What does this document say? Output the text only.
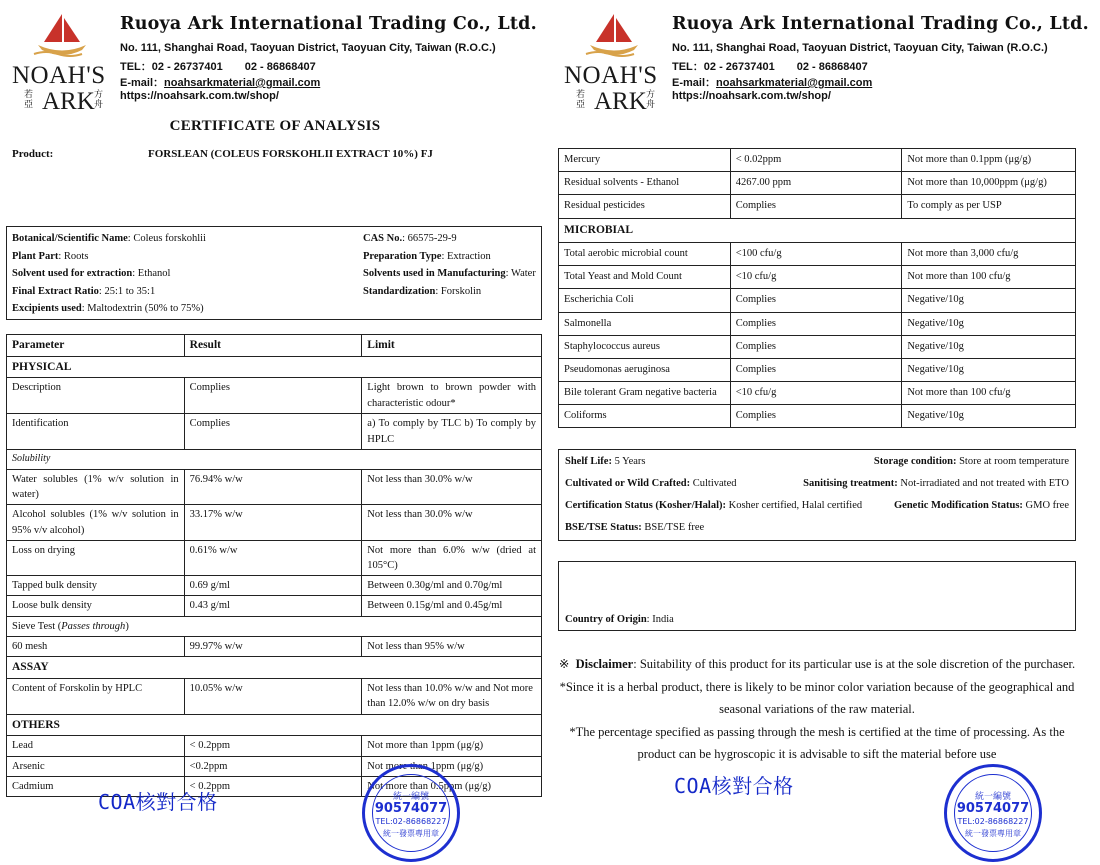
NOAH'S
若亞 ARK 方舟
Ruoya Ark International Trading Co., Ltd.
No. 111, Shanghai Road, Taoyuan District, Taoyuan City, Taiwan (R.O.C.)
TEL：02 - 26737401 02 - 86868407
E-mail：noahsarkmaterial@gmail.com
https://noahsark.com.tw/shop/
CERTIFICATE OF ANALYSIS
Product:	FORSLEAN (COLEUS FORSKOHLII EXTRACT 10%) FJ
Botanical/Scientific Name: Coleus forskohlii	CAS No.: 66575-29-9
Plant Part: Roots	Preparation Type: Extraction
Solvent used for extraction: Ethanol	Solvents used in Manufacturing: Water
Final Extract Ratio: 25:1 to 35:1	Standardization: Forskolin
Excipients used: Maltodextrin (50% to 75%)
Parameter	Result	Limit
PHYSICAL		
Description	Complies	Light brown to brown powder with characteristic odour*
Identification	Complies	a) To comply by TLC b) To comply by HPLC
Solubility		
Water solubles (1% w/v solution in water)	76.94% w/w	Not less than 30.0% w/w
Alcohol solubles (1% w/v solution in 95% v/v alcohol)	33.17% w/w	Not less than 30.0% w/w
Loss on drying	0.61% w/w	Not more than 6.0% w/w (dried at 105°C)
Tapped bulk density	0.69 g/ml	Between 0.30g/ml and 0.70g/ml
Loose bulk density	0.43 g/ml	Between 0.15g/ml and 0.45g/ml
Sieve Test (Passes through)		
60 mesh	99.97% w/w	Not less than 95% w/w
ASSAY		
Content of Forskolin by HPLC	10.05% w/w	Not less than 10.0% w/w and Not more than 12.0% w/w on dry basis
OTHERS		
Lead	< 0.2ppm	Not more than 1ppm (μg/g)
Arsenic	<0.2ppm	Not more than 1ppm (μg/g)
Cadmium	< 0.2ppm	Not more than 0.5ppm (μg/g)
COA核對合格	統一編號
90574077
TEL:02-86868227
統一發票專用章
NOAH'S
若亞 ARK 方舟
Ruoya Ark International Trading Co., Ltd.
No. 111, Shanghai Road, Taoyuan District, Taoyuan City, Taiwan (R.O.C.)
TEL：02 - 26737401 02 - 86868407
E-mail：noahsarkmaterial@gmail.com
https://noahsark.com.tw/shop/
Mercury	< 0.02ppm	Not more than 0.1ppm (μg/g)
Residual solvents - Ethanol	4267.00 ppm	Not more than 10,000ppm (μg/g)
Residual pesticides	Complies	To comply as per USP
MICROBIAL		
Total aerobic microbial count	<100 cfu/g	Not more than 3,000 cfu/g
Total Yeast and Mold Count	<10 cfu/g	Not more than 100 cfu/g
Escherichia Coli	Complies	Negative/10g
Salmonella	Complies	Negative/10g
Staphylococcus aureus	Complies	Negative/10g
Pseudomonas aeruginosa	Complies	Negative/10g
Bile tolerant Gram negative bacteria	<10 cfu/g	Not more than 100 cfu/g
Coliforms	Complies	Negative/10g
Shelf Life: 5 Years	Storage condition: Store at room temperature
Cultivated or Wild Crafted: Cultivated	Sanitising treatment: Not-irradiated and not treated with ETO
Certification Status (Kosher/Halal): Kosher certified, Halal certified	Genetic Modification Status: GMO free
BSE/TSE Status: BSE/TSE free
Country of Origin: India
※ Disclaimer: Suitability of this product for its particular use is at the sole discretion of the purchaser.
*Since it is a herbal product, there is likely to be minor color variation because of the geographical and seasonal variations of the raw material.
*The percentage specified as passing through the mesh is certified at the time of processing. As the product can be hygroscopic it is advisable to sift the material before use
COA核對合格	統一編號
90574077
TEL:02-86868227
統一發票專用章
